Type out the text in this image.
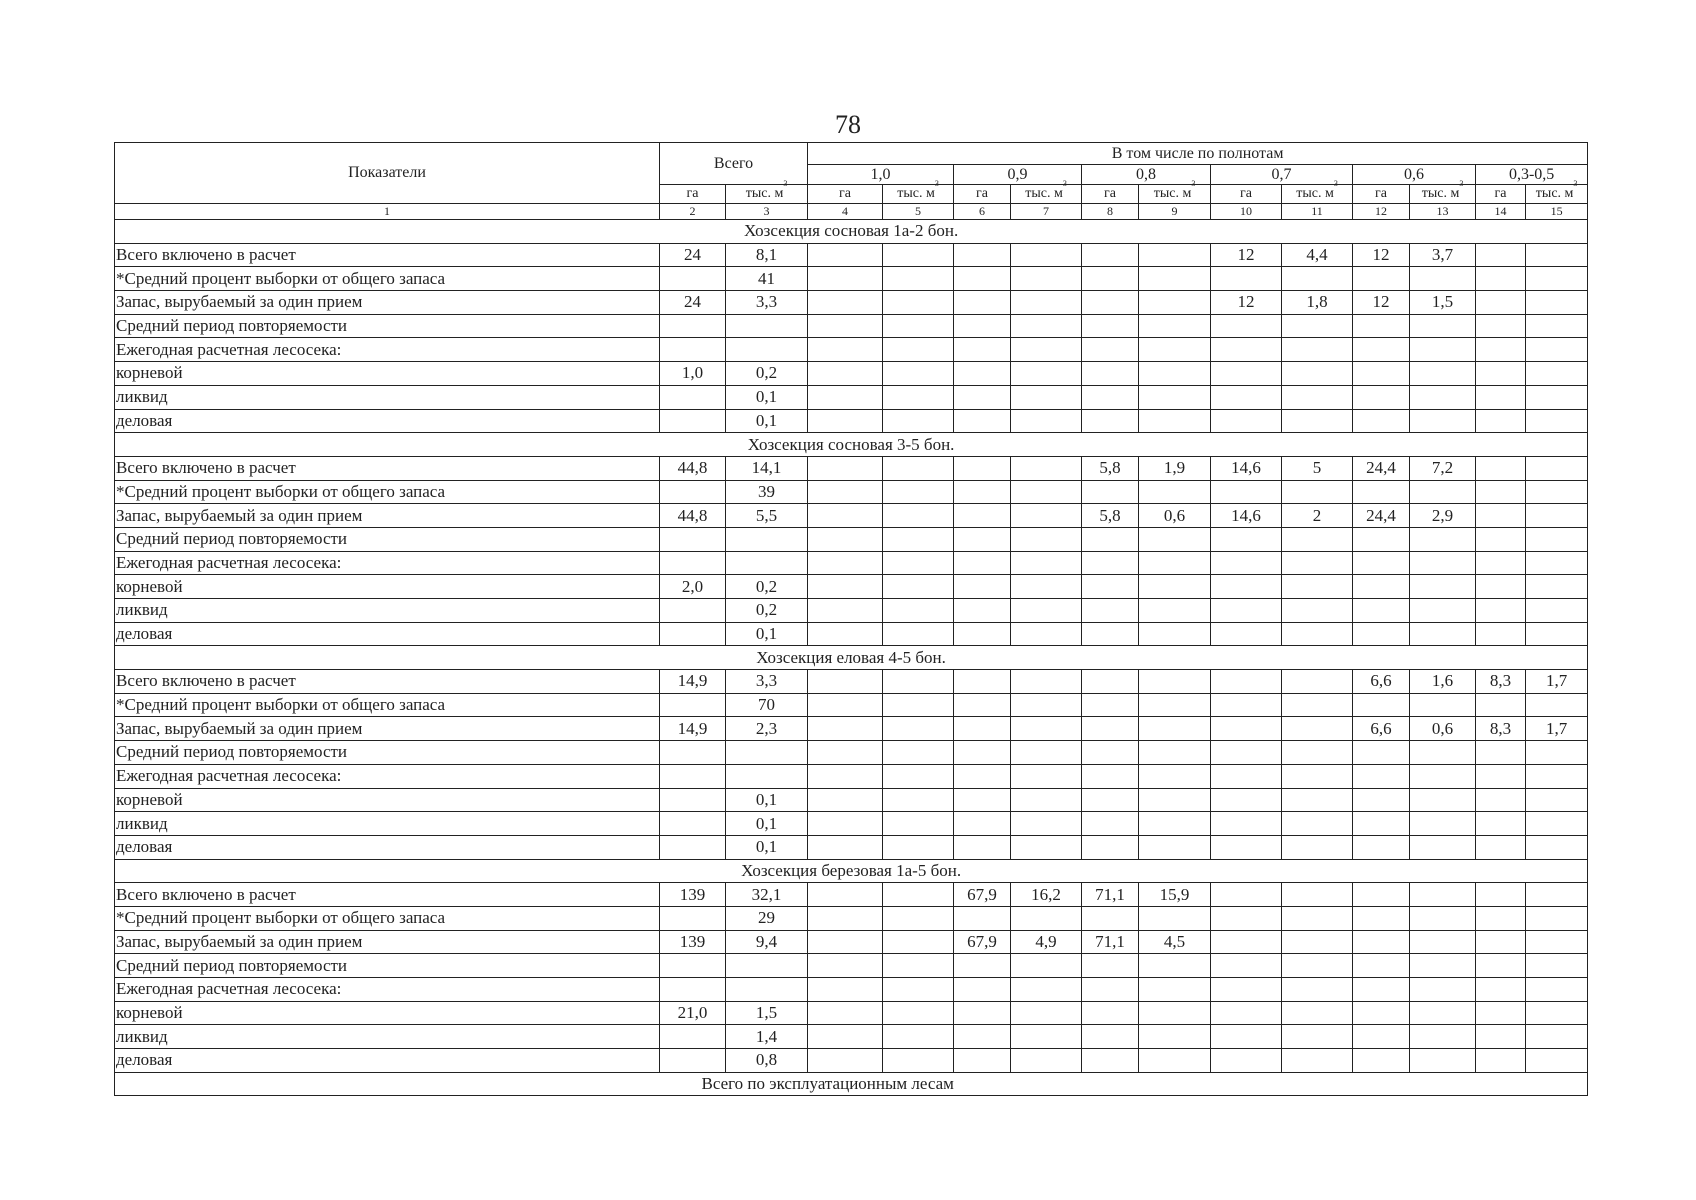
78
Показатели	Всего		В том числе по полнотам											
			1,0		0,9		0,8		0,7		0,6		0,3-0,5	
	га	тыс. $м^3$	га	тыс. $м^3$	га	тыс. $м^3$	га	тыс. $м^3$	га	тыс. $м^3$	га	тыс. $м^3$	га	тыс. $м^3$
1	2	3	4	5	6	7	8	9	10	11	12	13	14	15
Хозсекция сосновая 1а-2 бон.														
Всего включено в расчет	24	8,1							12	4,4	12	3,7		
*Средний процент выборки от общего запаса		41												
Запас, вырубаемый за один прием	24	3,3							12	1,8	12	1,5		
Средний период повторяемости														
Ежегодная расчетная лесосека:														
корневой	1,0	0,2												
ликвид		0,1												
деловая		0,1												
Хозсекция сосновая 3-5 бон.														
Всего включено в расчет	44,8	14,1					5,8	1,9	14,6	5	24,4	7,2		
*Средний процент выборки от общего запаса		39												
Запас, вырубаемый за один прием	44,8	5,5					5,8	0,6	14,6	2	24,4	2,9		
Средний период повторяемости														
Ежегодная расчетная лесосека:														
корневой	2,0	0,2												
ликвид		0,2												
деловая		0,1												
Хозсекция еловая 4-5 бон.														
Всего включено в расчет	14,9	3,3									6,6	1,6	8,3	1,7
*Средний процент выборки от общего запаса		70												
Запас, вырубаемый за один прием	14,9	2,3									6,6	0,6	8,3	1,7
Средний период повторяемости														
Ежегодная расчетная лесосека:														
корневой		0,1												
ликвид		0,1												
деловая		0,1												
Хозсекция березовая 1а-5 бон.														
Всего включено в расчет	139	32,1			67,9	16,2	71,1	15,9						
*Средний процент выборки от общего запаса		29												
Запас, вырубаемый за один прием	139	9,4			67,9	4,9	71,1	4,5						
Средний период повторяемости														
Ежегодная расчетная лесосека:														
корневой	21,0	1,5												
ликвид		1,4												
деловая		0,8												
	Всего по эксплуатационным лесам													
